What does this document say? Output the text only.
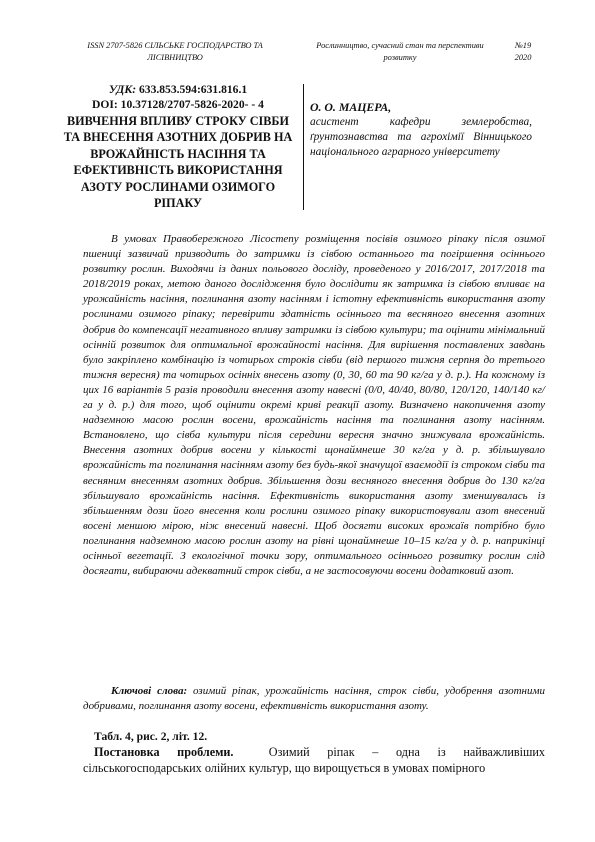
ISSN 2707-5826 СІЛЬСЬКЕ ГОСПОДАРСТВО ТА ЛІСІВНИЦТВО
Рослинництво, сучасний стан та перспективи розвитку
№19
2020
УДК: 633.853.594:631.816.1
DOI: 10.37128/2707-5826-2020- - 4
ВИВЧЕННЯ ВПЛИВУ СТРОКУ СІВБИ ТА ВНЕСЕННЯ АЗОТНИХ ДОБРИВ НА ВРОЖАЙНІСТЬ НАСІННЯ ТА ЕФЕКТИВНІСТЬ ВИКОРИСТАННЯ АЗОТУ РОСЛИНАМИ ОЗИМОГО РІПАКУ
О. О. МАЦЕРА,
асистент кафедри землеробства, ґрунтознавства та агрохімії Вінницького національного аграрного університету

В умовах Правобережного Лісостепу розміщення посівів озимого ріпаку після озимої пшениці зазвичай призводить до затримки із сівбою останнього та погіршення осіннього розвитку рослин. Виходячи із даних польового досліду, проведеного у 2016/2017, 2017/2018 та 2018/2019 роках, метою даного дослідження було дослідити як затримка із сівбою впливає на урожайність насіння, поглинання азоту насінням і істотну ефективність використання азоту рослинами озимого ріпаку; перевірити здатність осіннього та весняного внесення азотних добрив до компенсації негативного впливу затримки із сівбою культури; та оцінити мінімальний осінній розвиток для оптимальної врожайності насіння. Для вирішення поставлених завдань було закріплено комбінацію із чотирьох строків сівби (від першого тижня серпня до третього тижня вересня) та чотирьох осінніх внесень азоту (0, 30, 60 та 90 кг/га у д. р.). На кожному із цих 16 варіантів 5 разів проводили внесення азоту навесні (0/0, 40/40, 80/80, 120/120, 140/140 кг/га у д. р.) для того, щоб оцінити окремі криві реакції азоту. Визначено накопичення азоту надземною масою рослин восени, врожайність насіння та поглинання азоту насінням. Встановлено, що сівба культури після середини вересня значно знижувала врожайність. Внесення азотних добрив восени у кількості щонаймнеше 30 кг/га у д. р. збільшувало врожайність та поглинання насінням азоту без будь-якої значущої взаємодії із строком сівби та весняним внесенням азотних добрив. Збільшення дози весняного внесення добрив до 130 кг/га збільшувало врожайність насіння. Ефективність використання азоту зменшувалась із збільшенням дози його внесення коли рослини озимого ріпаку використовували азот внесений восені меншою мірою, ніж внесений навесні. Щоб досягти високих врожаїв потрібно було поглинання надземною масою рослин азоту на рівні щонаймнеше 10–15 кг/га у д. р. наприкінці осінньої вегетації. З екологічної точки зору, оптимального осіннього розвитку рослин слід досягати, вибираючи адекватний строк сівби, а не застосовуючи восени додатковий азот.

Ключові слова: озимий ріпак, урожайність насіння, строк сівби, удобрення азотними добривами, поглинання азоту восени, ефективність використання азоту.

Табл. 4, рис. 2, літ. 12.

Постановка проблеми.	Озимий ріпак – одна із найважливіших сільськогосподарських олійних культур, що вирощується в умовах помірного
